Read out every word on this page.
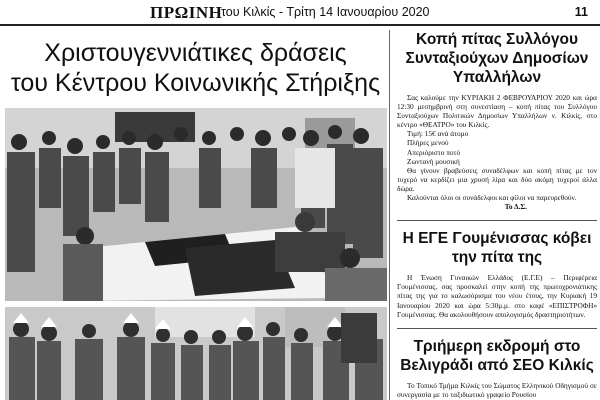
ΠΡΩΙΝΗ
του Κιλκίς - Τρίτη 14 Ιανουαρίου 2020	11
Χριστουγεννιάτικες δράσεις
του Κέντρου Κοινωνικής Στήριξης
Κοπή πίτας Συλλόγου Συνταξιούχων Δημοσίων Υπαλλήλων

Σας καλούμε την ΚΥΡΙΑΚΗ 2 ΦΕΒΡΟΥΑΡΙΟΥ 2020 και ώρα 12:30 μεσημβρινή στη συνεστίαση – κοπή πίτας του Συλλόγου Συνταξιούχων Πολιτικών Δημοσίων Υπαλλήλων ν. Κιλκίς, στο κέντρο «ΘΕΑΤΡΟ» του Κιλκίς.

Τιμή: 15€ ανά άτομο

Πλήρες μενού

Απεριόριστο ποτό

Ζωντανή μουσική

Θα γίνουν βραβεύσεις συναδέλφων και κοπή πίτας με τον τυχερό να κερδίζει μια χρυσή λίρα και δύο ακόμη τυχεροί άλλα δώρα.

Καλούνται όλοι οι συνάδελφοι και φίλοι να παρευρεθούν.

Το Δ.Σ.

Η ΕΓΕ Γουμένισσας κόβει την πίτα της

Η Ένωση Γυναικών Ελλάδος (Ε.Γ.Ε) – Περιφέρεια Γουμένισσας, σας προσκαλεί στην κοπή της πρωτοχρονιάτικης πίτας της για το καλωσόρισμα του νέου έτους, την Κυριακή 19 Ιανουαρίου 2020 και ώρα 5:30μ.μ. στο καφέ «ΕΠΙΣΤΡΟΦΗ» Γουμένισσας. Θα ακολουθήσουν απολογισμός δραστηριοτήτων.

Τριήμερη εκδρομή στο Βελιγράδι από ΣΕΟ Κιλκίς

Το Τοπικό Τμήμα Κιλκίς του Σώματος Ελληνικού Οδηγισμού σε συνεργασία με το ταξιδιωτικό γραφείο Ρουσίου
